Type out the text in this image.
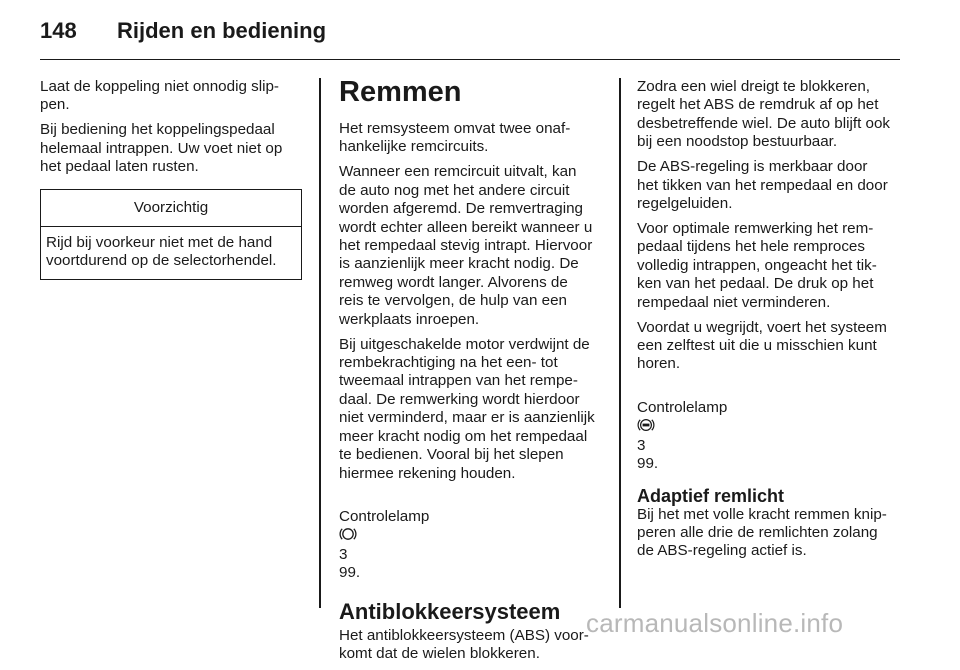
148 Rijden en bediening

Laat de koppeling niet onnodig slip-
pen.

Bij bediening het koppelingspedaal
helemaal intrappen. Uw voet niet op
het pedaal laten rusten.

Voorzichtig
Rijd bij voorkeur niet met de hand
voortdurend op de selectorhendel.
Remmen

Het remsysteem omvat twee onaf-
hankelijke remcircuits.

Wanneer een remcircuit uitvalt, kan
de auto nog met het andere circuit
worden afgeremd. De remvertraging
wordt echter alleen bereikt wanneer u
het rempedaal stevig intrapt. Hiervoor
is aanzienlijk meer kracht nodig. De
remweg wordt langer. Alvorens de
reis te vervolgen, de hulp van een
werkplaats inroepen.

Bij uitgeschakelde motor verdwijnt de
rembekrachtiging na het een- tot
tweemaal intrappen van het rempe-
daal. De remwerking wordt hierdoor
niet verminderd, maar er is aanzienlijk
meer kracht nodig om het rempedaal
te bedienen. Vooral bij het slepen
hiermee rekening houden.

Controlelamp

3
99.

Antiblokkeersysteem

Het antiblokkeersysteem (ABS) voor-
komt dat de wielen blokkeren.

Zodra een wiel dreigt te blokkeren,
regelt het ABS de remdruk af op het
desbetreffende wiel. De auto blijft ook
bij een noodstop bestuurbaar.

De ABS-regeling is merkbaar door
het tikken van het rempedaal en door
regelgeluiden.

Voor optimale remwerking het rem-
pedaal tijdens het hele remproces
volledig intrappen, ongeacht het tik-
ken van het pedaal. De druk op het
rempedaal niet verminderen.

Voordat u wegrijdt, voert het systeem
een zelftest uit die u misschien kunt
horen.

Controlelamp

3
99.

Adaptief remlicht

Bij het met volle kracht remmen knip-
peren alle drie de remlichten zolang
de ABS-regeling actief is.

carmanualsonline.info
